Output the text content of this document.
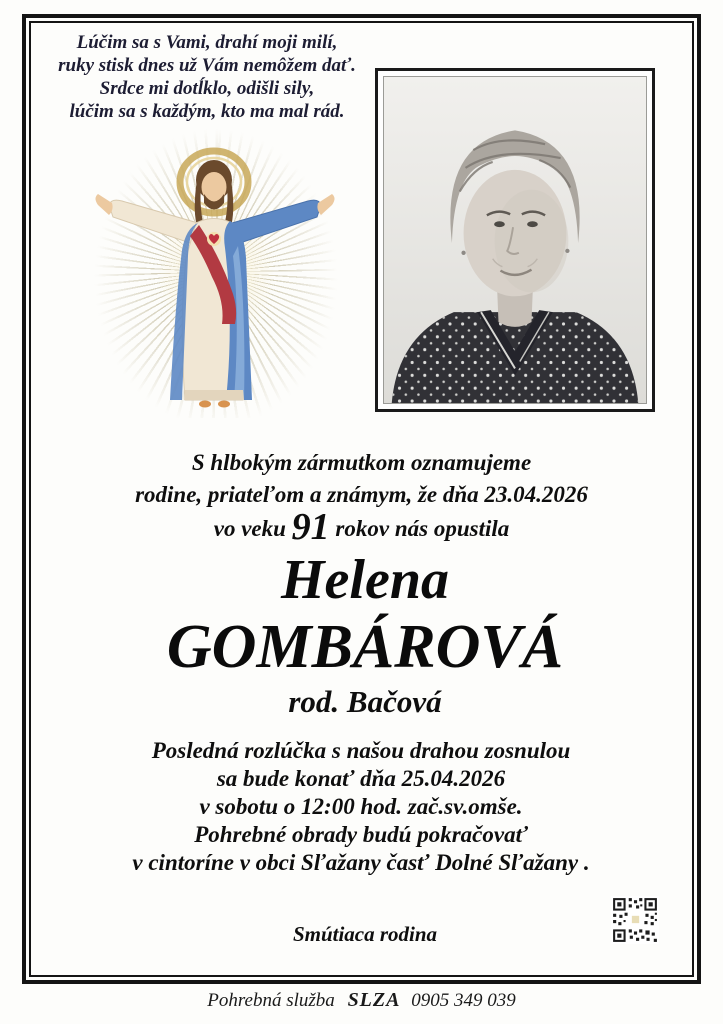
Lúčim sa s Vami, drahí moji milí,
ruky stisk dnes už Vám nemôžem dať.
Srdce mi dotĺklo, odišli sily,
lúčim sa s každým, kto ma mal rád.
S hlbokým zármutkom oznamujeme
rodine, priateľom a známym, že dňa 23.04.2026
vo veku 91 rokov nás opustila
Helena
GOMBÁROVÁ
rod. Bačová
Posledná rozlúčka s našou drahou zosnulou
sa bude konať dňa 25.04.2026
v sobotu o 12:00 hod. zač.sv.omše.
Pohrebné obrady budú pokračovať
v cintoríne v obci Sľažany časť Dolné Sľažany .
Smútiaca rodina
Pohrebná služba SLZA 0905 349 039
